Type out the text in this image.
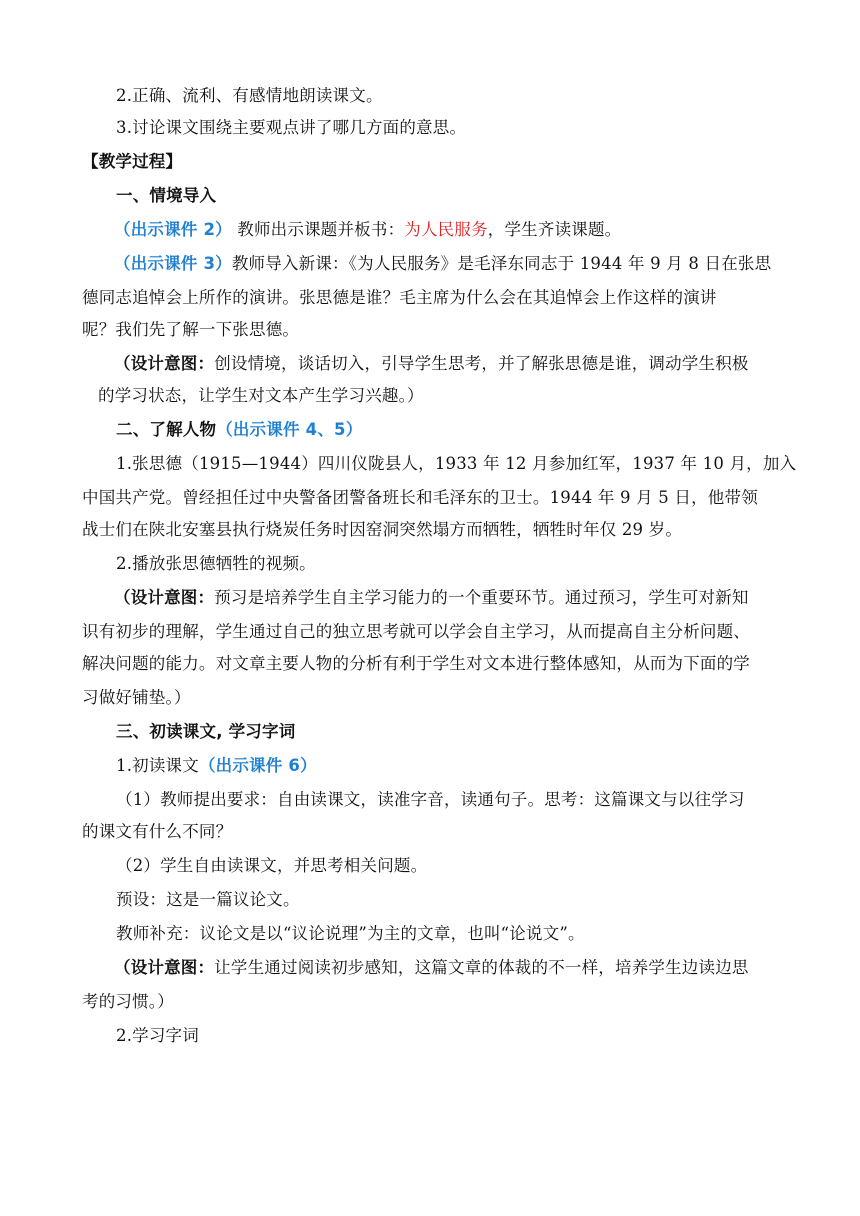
2.正确、流利、有感情地朗读课文。
3.讨论课文围绕主要观点讲了哪几方面的意思。
【教学过程】
一、情境导入
（出示课件 2） 教师出示课题并板书：为人民服务，学生齐读课题。
（出示课件 3）教师导入新课：《为人民服务》是毛泽东同志于 1944 年 9 月 8 日在张思
德同志追悼会上所作的演讲。张思德是谁？毛主席为什么会在其追悼会上作这样的演讲
呢？我们先了解一下张思德。
（设计意图：创设情境，谈话切入，引导学生思考，并了解张思德是谁，调动学生积极
的学习状态，让学生对文本产生学习兴趣。）
二、了解人物（出示课件 4、5）
1.张思德（1915—1944）四川仪陇县人，1933 年 12 月参加红军，1937 年 10 月，加入
中国共产党。曾经担任过中央警备团警备班长和毛泽东的卫士。1944 年 9 月 5 日，他带领
战士们在陕北安塞县执行烧炭任务时因窑洞突然塌方而牺牲，牺牲时年仅 29 岁。
2.播放张思德牺牲的视频。
（设计意图：预习是培养学生自主学习能力的一个重要环节。通过预习，学生可对新知
识有初步的理解，学生通过自己的独立思考就可以学会自主学习，从而提高自主分析问题、
解决问题的能力。对文章主要人物的分析有利于学生对文本进行整体感知，从而为下面的学
习做好铺垫。）
三、初读课文, 学习字词
1.初读课文（出示课件 6）
（1）教师提出要求：自由读课文，读准字音，读通句子。思考：这篇课文与以往学习
的课文有什么不同？
（2）学生自由读课文，并思考相关问题。
预设：这是一篇议论文。
教师补充：议论文是以“议论说理”为主的文章，也叫“论说文”。
（设计意图：让学生通过阅读初步感知，这篇文章的体裁的不一样，培养学生边读边思
考的习惯。）
2.学习字词
